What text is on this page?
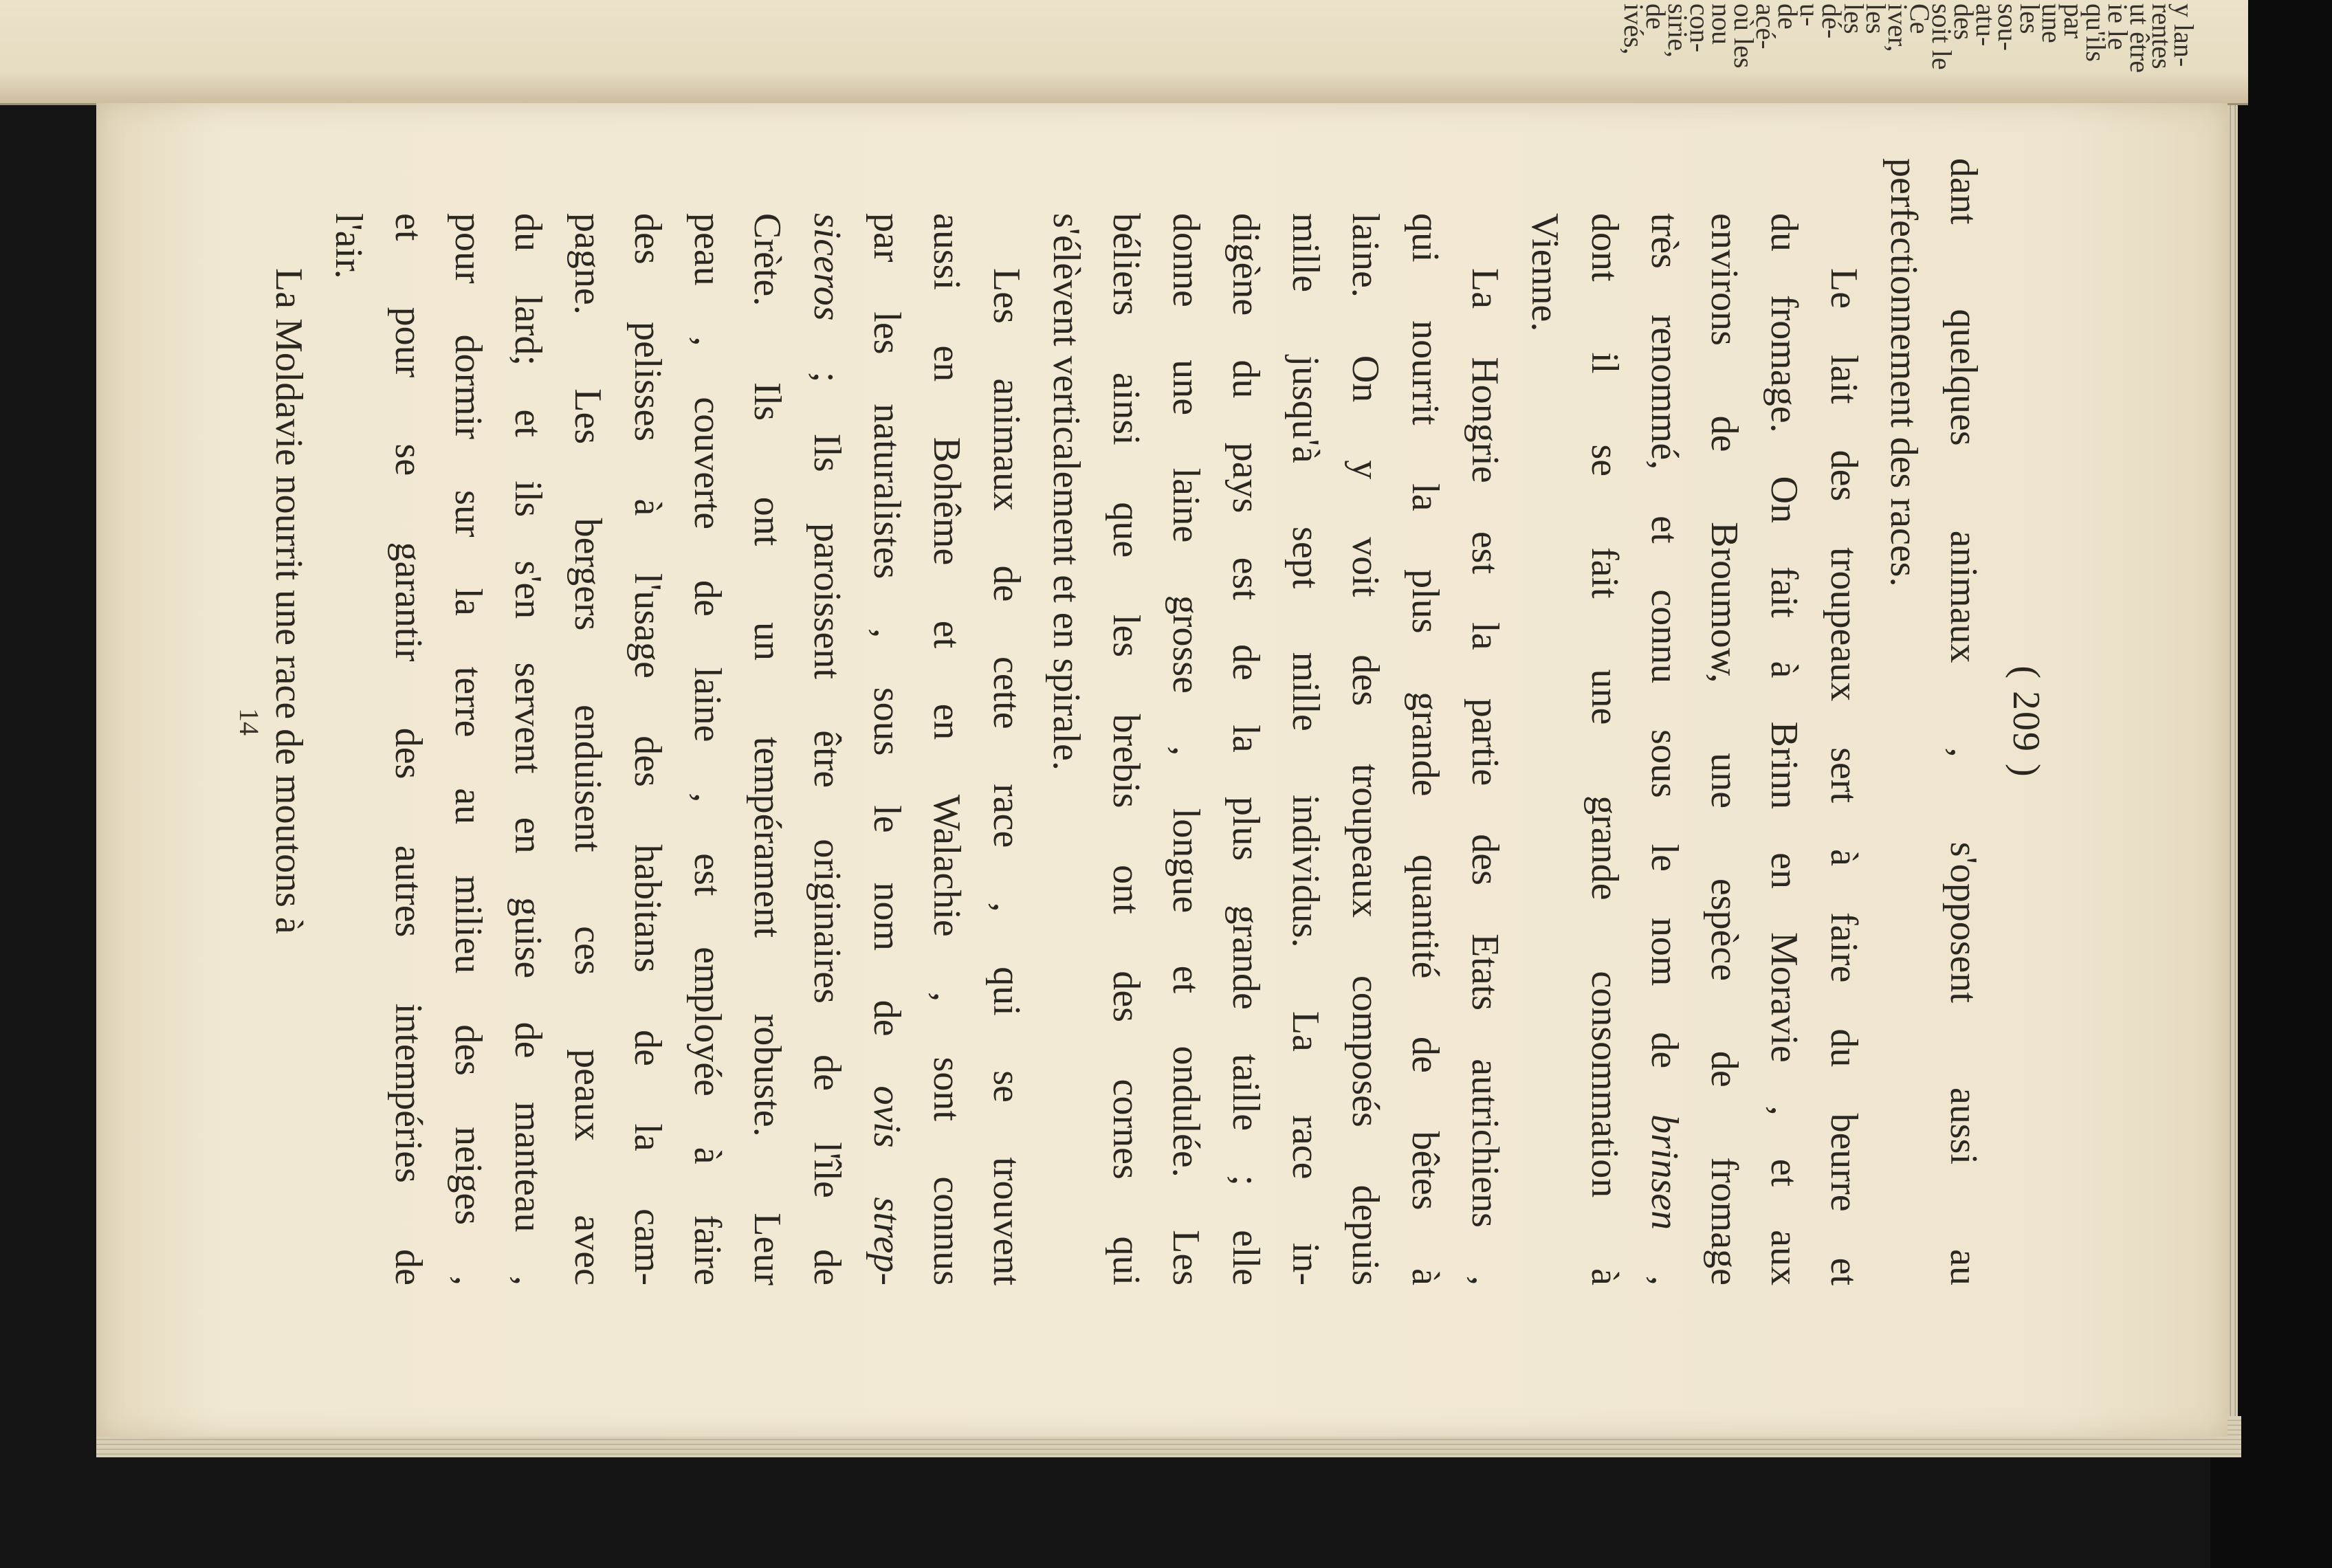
y lan-
rentes
ut être
ie le
qu'ils
par
une
les
sou-
atu-
des
soit le
Ce
iver,
les
les
dé-
u-
de
acé-
où les
nou
con-
sirie,
de
ivés,
( 209 )
dant quelques animaux , s'opposent aussi au
perfectionnement des races.
Le lait des troupeaux sert à faire du beurre et
du fromage. On fait à Brinn en Moravie , et aux
environs de Broumow, une espèce de fromage
très renommé, et connu sous le nom de brinsen ,
dont il se fait une grande consommation à
Vienne.
La Hongrie est la partie des Etats autrichiens ,
qui nourrit la plus grande quantité de bêtes à
laine. On y voit des troupeaux composés depuis
mille jusqu'à sept mille individus. La race in-
digène du pays est de la plus grande taille ; elle
donne une laine grosse , longue et ondulée. Les
béliers ainsi que les brebis ont des cornes qui
s'élèvent verticalement et en spirale.
Les animaux de cette race , qui se trouvent
aussi en Bohême et en Walachie , sont connus
par les naturalistes , sous le nom de ovis strep-
siceros ; Ils paroissent être originaires de l'île de
Crète. Ils ont un tempérament robuste. Leur
peau , couverte de laine , est employée à faire
des pelisses à l'usage des habitans de la cam-
pagne. Les bergers enduisent ces peaux avec
du lard; et ils s'en servent en guise de manteau ,
pour dormir sur la terre au milieu des neiges ,
et pour se garantir des autres intempéries de
l'air.
La Moldavie nourrit une race de moutons à
14
